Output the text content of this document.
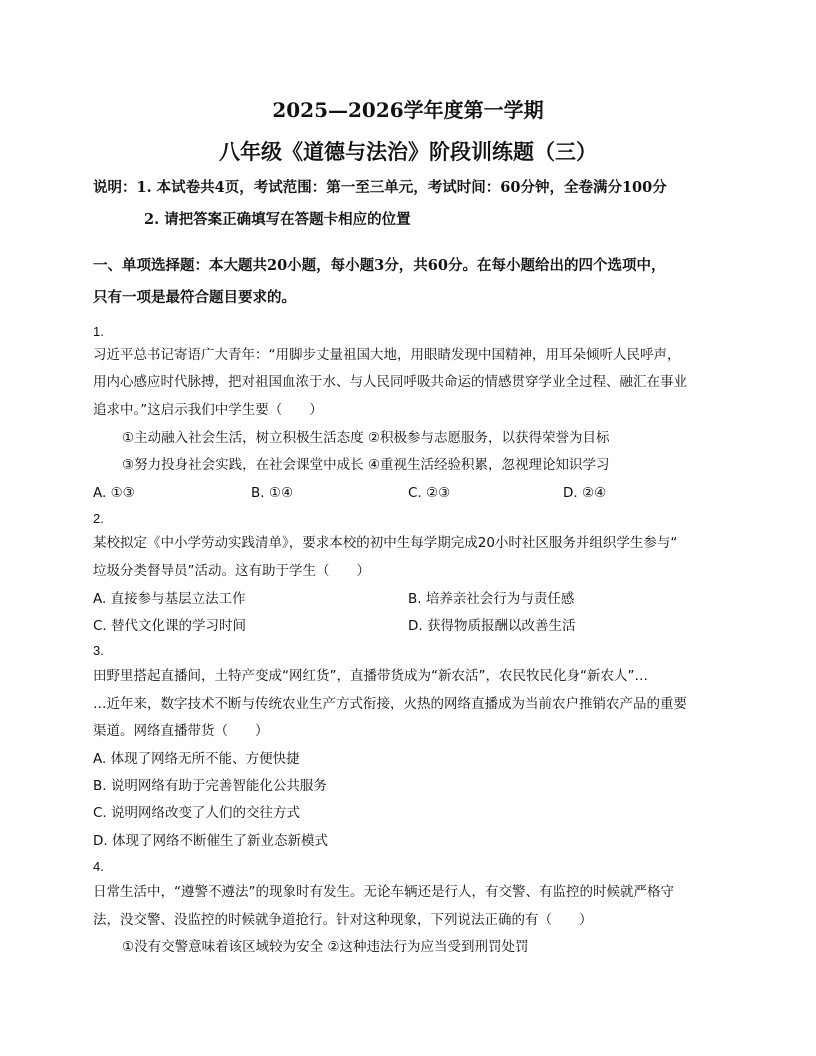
2025—2026学年度第一学期
八年级《道德与法治》阶段训练题（三）
说明：1. 本试卷共4页，考试范围：第一至三单元，考试时间：60分钟，全卷满分100分
2. 请把答案正确填写在答题卡相应的位置
一、单项选择题：本大题共20小题，每小题3分，共60分。在每小题给出的四个选项中，
只有一项是最符合题目要求的。
1.
习近平总书记寄语广大青年：“用脚步丈量祖国大地，用眼睛发现中国精神，用耳朵倾听人民呼声，
用内心感应时代脉搏，把对祖国血浓于水、与人民同呼吸共命运的情感贯穿学业全过程、融汇在事业
追求中。”这启示我们中学生要（　　）
①主动融入社会生活，树立积极生活态度 ②积极参与志愿服务，以获得荣誉为目标
③努力投身社会实践，在社会课堂中成长 ④重视生活经验积累，忽视理论知识学习
A. ①③	B. ①④	C. ②③	D. ②④
2.
某校拟定《中小学劳动实践清单》，要求本校的初中生每学期完成20小时社区服务并组织学生参与“
垃圾分类督导员”活动。这有助于学生（　　）
A. 直接参与基层立法工作	B. 培养亲社会行为与责任感
C. 替代文化课的学习时间	D. 获得物质报酬以改善生活
3.
田野里搭起直播间，土特产变成“网红货”，直播带货成为“新农活”，农民牧民化身“新农人”…
…近年来，数字技术不断与传统农业生产方式衔接，火热的网络直播成为当前农户推销农产品的重要
渠道。网络直播带货（　　）
A. 体现了网络无所不能、方便快捷
B. 说明网络有助于完善智能化公共服务
C. 说明网络改变了人们的交往方式
D. 体现了网络不断催生了新业态新模式
4.
日常生活中，“遵警不遵法”的现象时有发生。无论车辆还是行人，有交警、有监控的时候就严格守
法，没交警、没监控的时候就争道抢行。针对这种现象，下列说法正确的有（　　）
①没有交警意味着该区域较为安全 ②这种违法行为应当受到刑罚处罚
